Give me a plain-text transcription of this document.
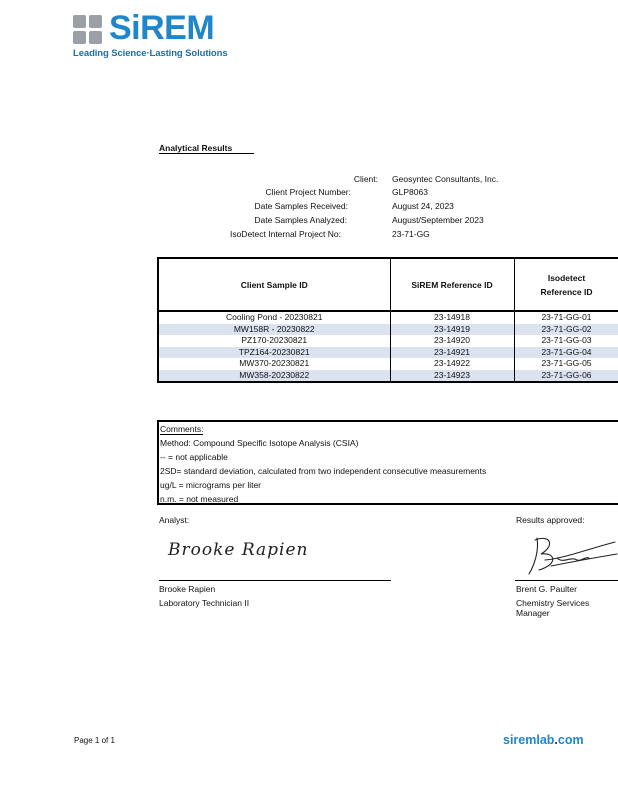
SiREM
Leading Science·Lasting Solutions
Analytical Results
Client: Geosyntec Consultants, Inc.
Client Project Number:	GLP8063
Date Samples Received:	August 24, 2023
Date Samples Analyzed:	August/September 2023
IsoDetect Internal Project No:	23-71-GG
Client Sample ID	SiREM Reference ID	Isodetect
Reference ID

Cooling Pond - 20230821	23-14918	23-71-GG-01
MW158R - 20230822	23-14919	23-71-GG-02
PZ170-20230821	23-14920	23-71-GG-03
TPZ164-20230821	23-14921	23-71-GG-04
MW370-20230821	23-14922	23-71-GG-05
MW358-20230822	23-14923	23-71-GG-06
Comments:
Method: Compound Specific Isotope Analysis (CSIA)
-- = not applicable
2SD= standard deviation, calculated from two independent consecutive measurements
ug/L = micrograms per liter
n.m. = not measured
Analyst:
Brooke Rapien
Brooke Rapien
Laboratory Technician II
Results approved:
Brent G. Paulter
Chemistry Services Manager
Page 1 of 1	siremlab.com
